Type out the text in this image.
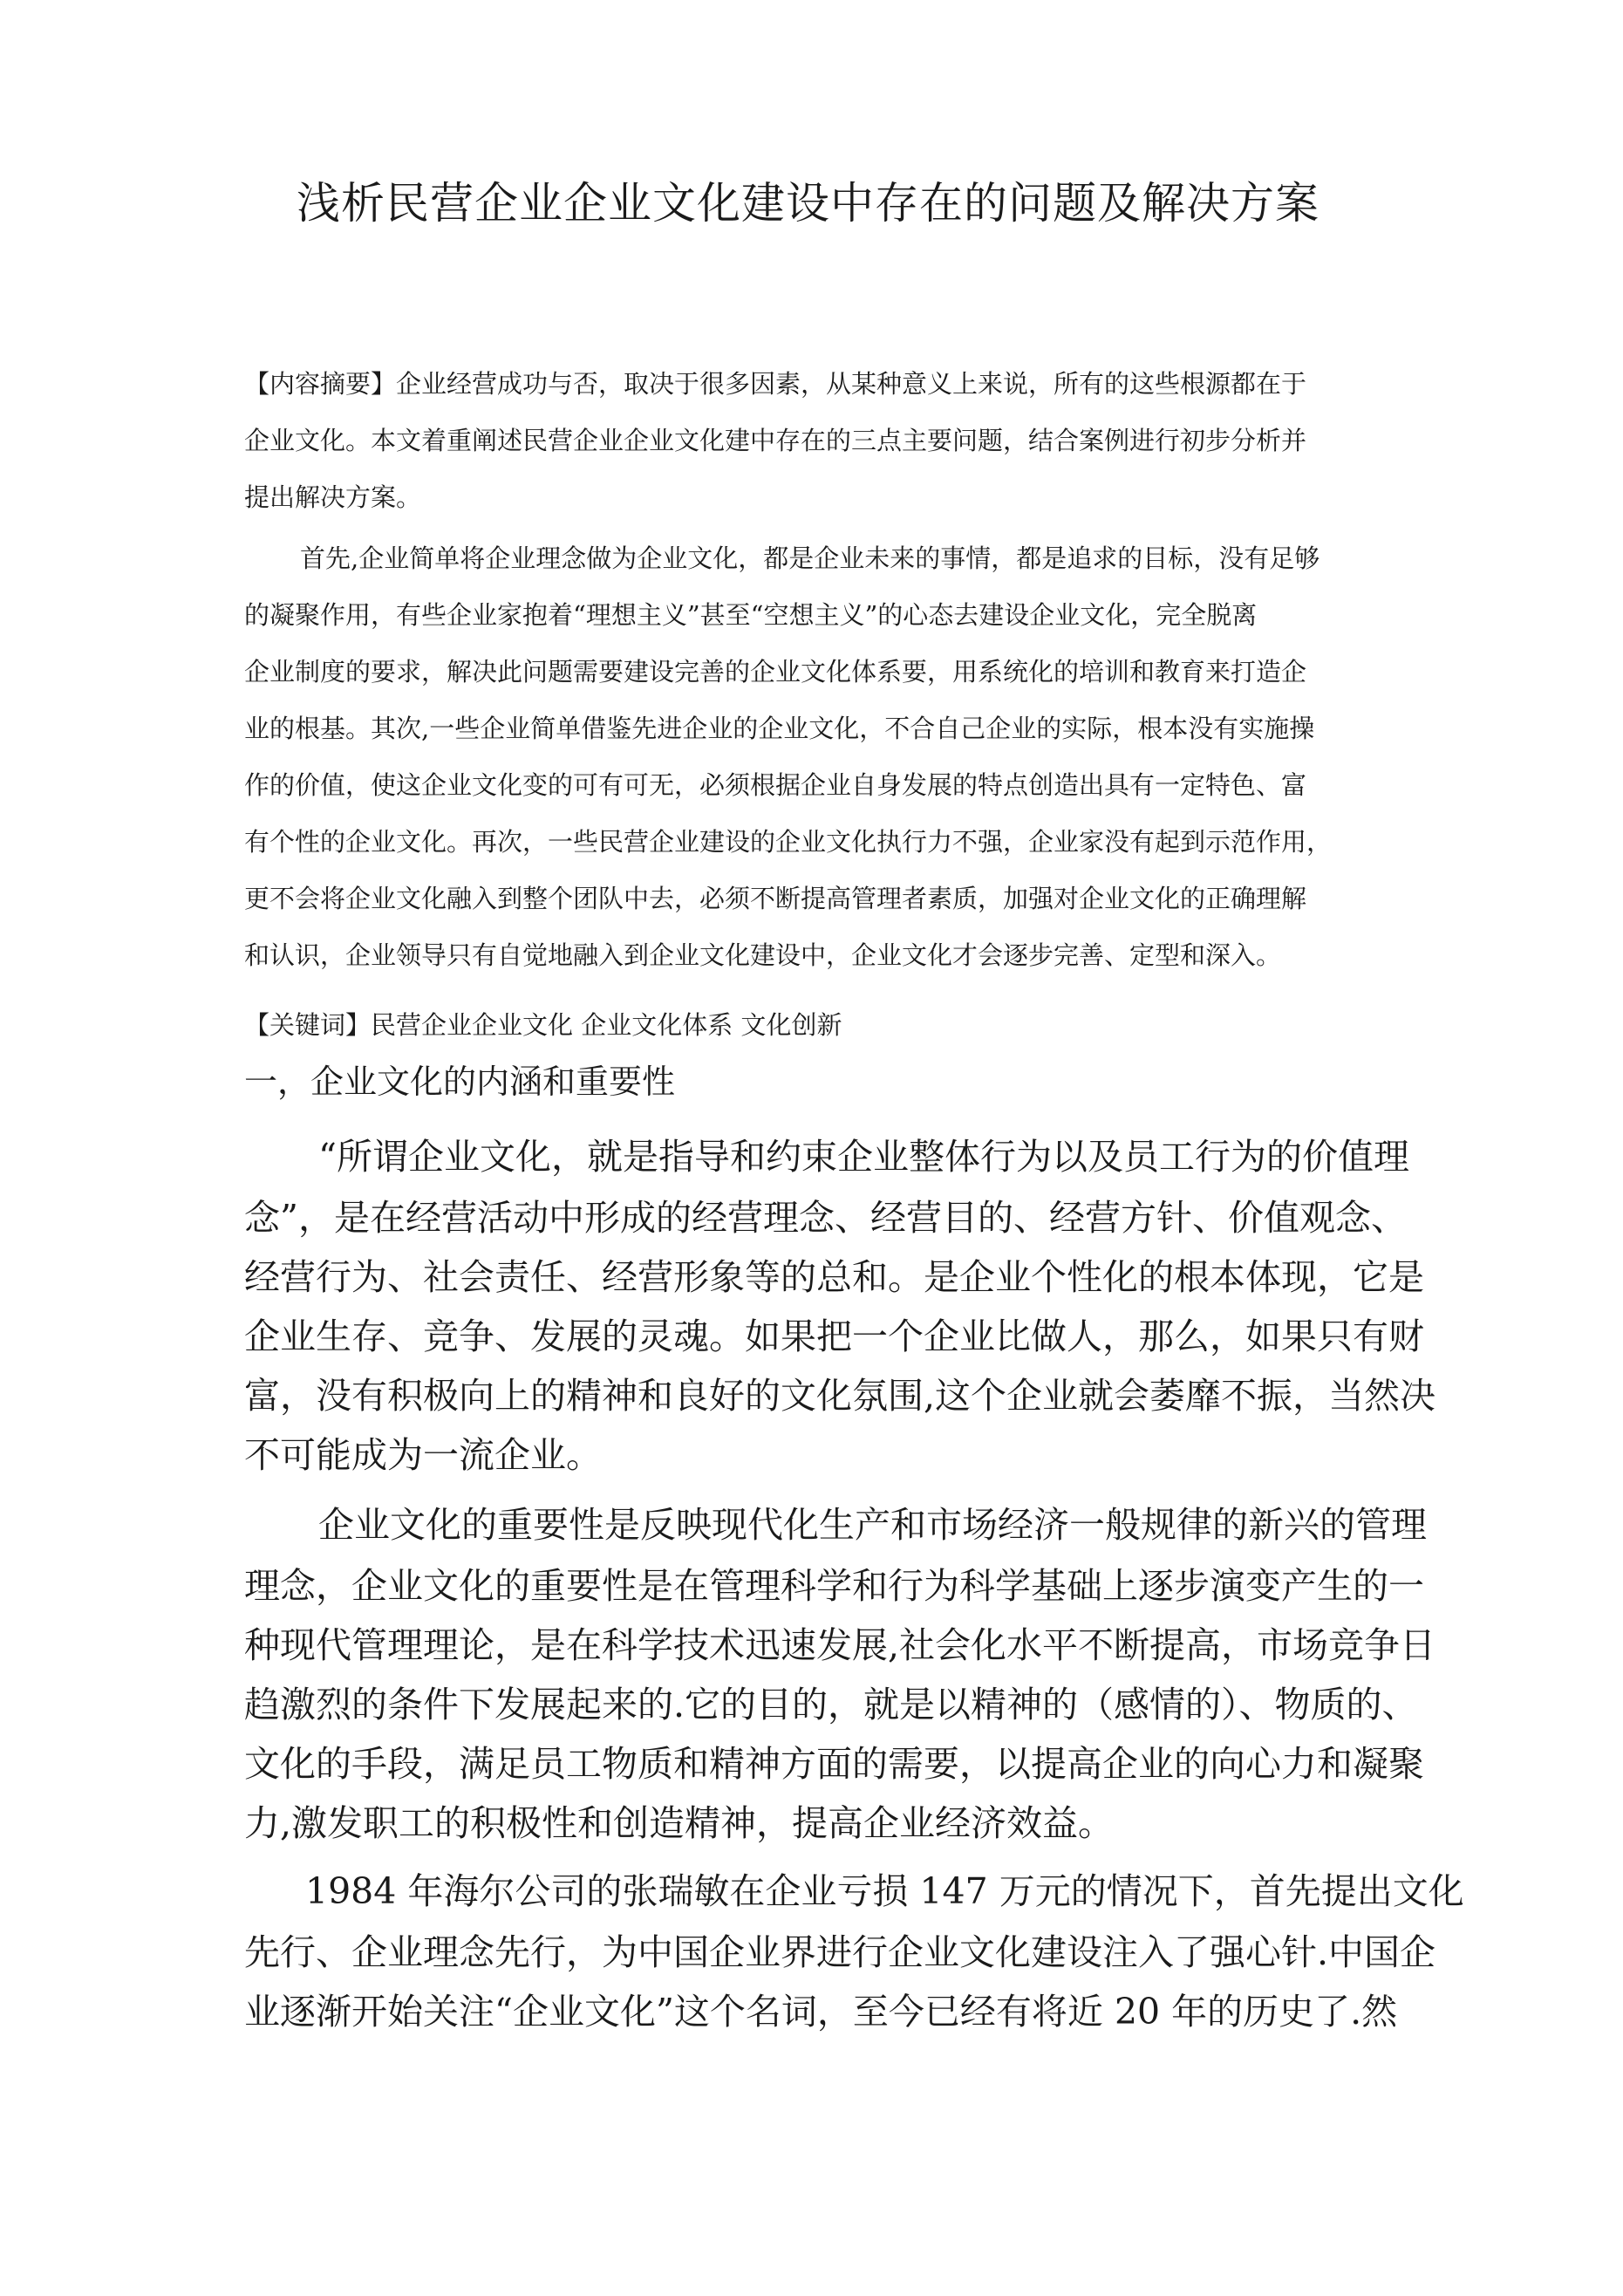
浅析民营企业企业文化建设中存在的问题及解决方案
【内容摘要】企业经营成功与否，取决于很多因素，从某种意义上来说，所有的这些根源都在于
企业文化。本文着重阐述民营企业企业文化建中存在的三点主要问题，结合案例进行初步分析并
提出解决方案。
首先,企业简单将企业理念做为企业文化，都是企业未来的事情，都是追求的目标，没有足够
的凝聚作用，有些企业家抱着“理想主义”甚至“空想主义”的心态去建设企业文化，完全脱离
企业制度的要求，解决此问题需要建设完善的企业文化体系要，用系统化的培训和教育来打造企
业的根基。其次,一些企业简单借鉴先进企业的企业文化，不合自己企业的实际，根本没有实施操
作的价值，使这企业文化变的可有可无，必须根据企业自身发展的特点创造出具有一定特色、富
有个性的企业文化。再次，一些民营企业建设的企业文化执行力不强，企业家没有起到示范作用，
更不会将企业文化融入到整个团队中去，必须不断提高管理者素质，加强对企业文化的正确理解
和认识，企业领导只有自觉地融入到企业文化建设中，企业文化才会逐步完善、定型和深入。
【关键词】民营企业企业文化 企业文化体系 文化创新
一，企业文化的内涵和重要性
“所谓企业文化，就是指导和约束企业整体行为以及员工行为的价值理
念”，是在经营活动中形成的经营理念、经营目的、经营方针、价值观念、
经营行为、社会责任、经营形象等的总和。是企业个性化的根本体现，它是
企业生存、竞争、发展的灵魂。如果把一个企业比做人，那么，如果只有财
富，没有积极向上的精神和良好的文化氛围,这个企业就会萎靡不振，当然决
不可能成为一流企业。
企业文化的重要性是反映现代化生产和市场经济一般规律的新兴的管理
理念，企业文化的重要性是在管理科学和行为科学基础上逐步演变产生的一
种现代管理理论，是在科学技术迅速发展,社会化水平不断提高，市场竞争日
趋激烈的条件下发展起来的.它的目的，就是以精神的（感情的）、物质的、
文化的手段，满足员工物质和精神方面的需要，以提高企业的向心力和凝聚
力,激发职工的积极性和创造精神，提高企业经济效益。
1984 年海尔公司的张瑞敏在企业亏损 147 万元的情况下，首先提出文化
先行、企业理念先行，为中国企业界进行企业文化建设注入了强心针.中国企
业逐渐开始关注“企业文化”这个名词，至今已经有将近 20 年的历史了.然
